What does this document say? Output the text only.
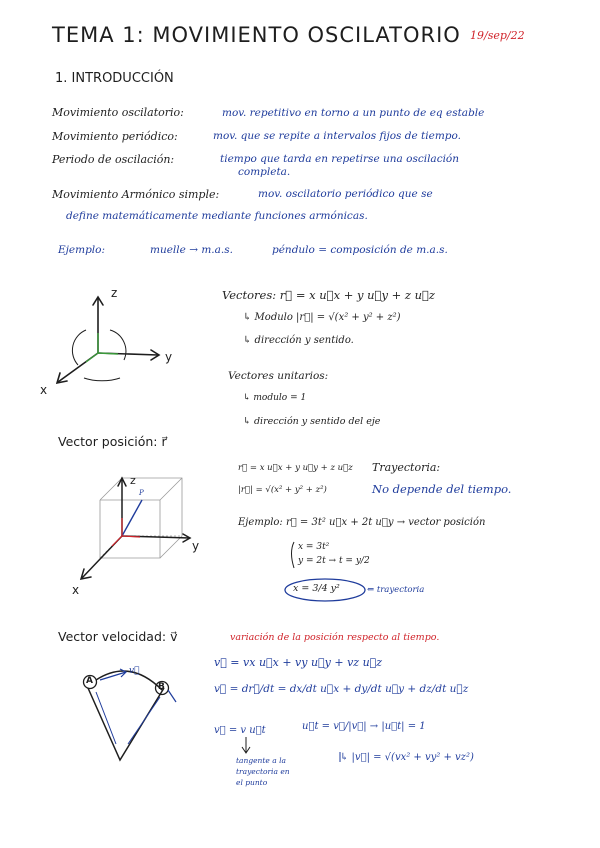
TEMA 1: MOVIMIENTO OSCILATORIO 19/sep/22
1. INTRODUCCIÓN
Movimiento oscilatorio:	mov. repetitivo en torno a un punto de eq estable
Movimiento periódico:	mov. que se repite a intervalos fijos de tiempo.
Periodo de oscilación:	tiempo que tarda en repetirse una oscilación
completa.
Movimiento Armónico simple:	mov. oscilatorio periódico que se
define matemáticamente mediante funciones armónicas.
Ejemplo:	muelle → m.a.s.	péndulo = composición de m.a.s.
Vectores: r⃗ = x u⃗x + y u⃗y + z u⃗z
↳ Modulo |r⃗| = √(x² + y² + z²)
↳ dirección y sentido.
Vectores unitarios:
↳ modulo = 1
↳ dirección y sentido del eje
z
y
x
Vector posición: r⃗
r⃗ = x u⃗x + y u⃗y + z u⃗z
|r⃗| = √(x² + y² + z²)
Trayectoria:
No depende del tiempo.
Ejemplo: r⃗ = 3t² u⃗x + 2t u⃗y → vector posición
x = 3t²
y = 2t → t = y/2
x = 3/4 y²	⇐ trayectoria
z
y
x
P
Vector velocidad: v⃗	variación de la posición respecto al tiempo.
v⃗ = vx u⃗x + vy u⃗y + vz u⃗z
v⃗ = dr⃗/dt = dx/dt u⃗x + dy/dt u⃗y + dz/dt u⃗z
v⃗ = v u⃗t	u⃗t = v⃗/|v⃗| → |u⃗t| = 1
↳ |v⃗| = √(vx² + vy² + vz²)
tangente a la
trayectoria en
el punto
A
B
v⃗
